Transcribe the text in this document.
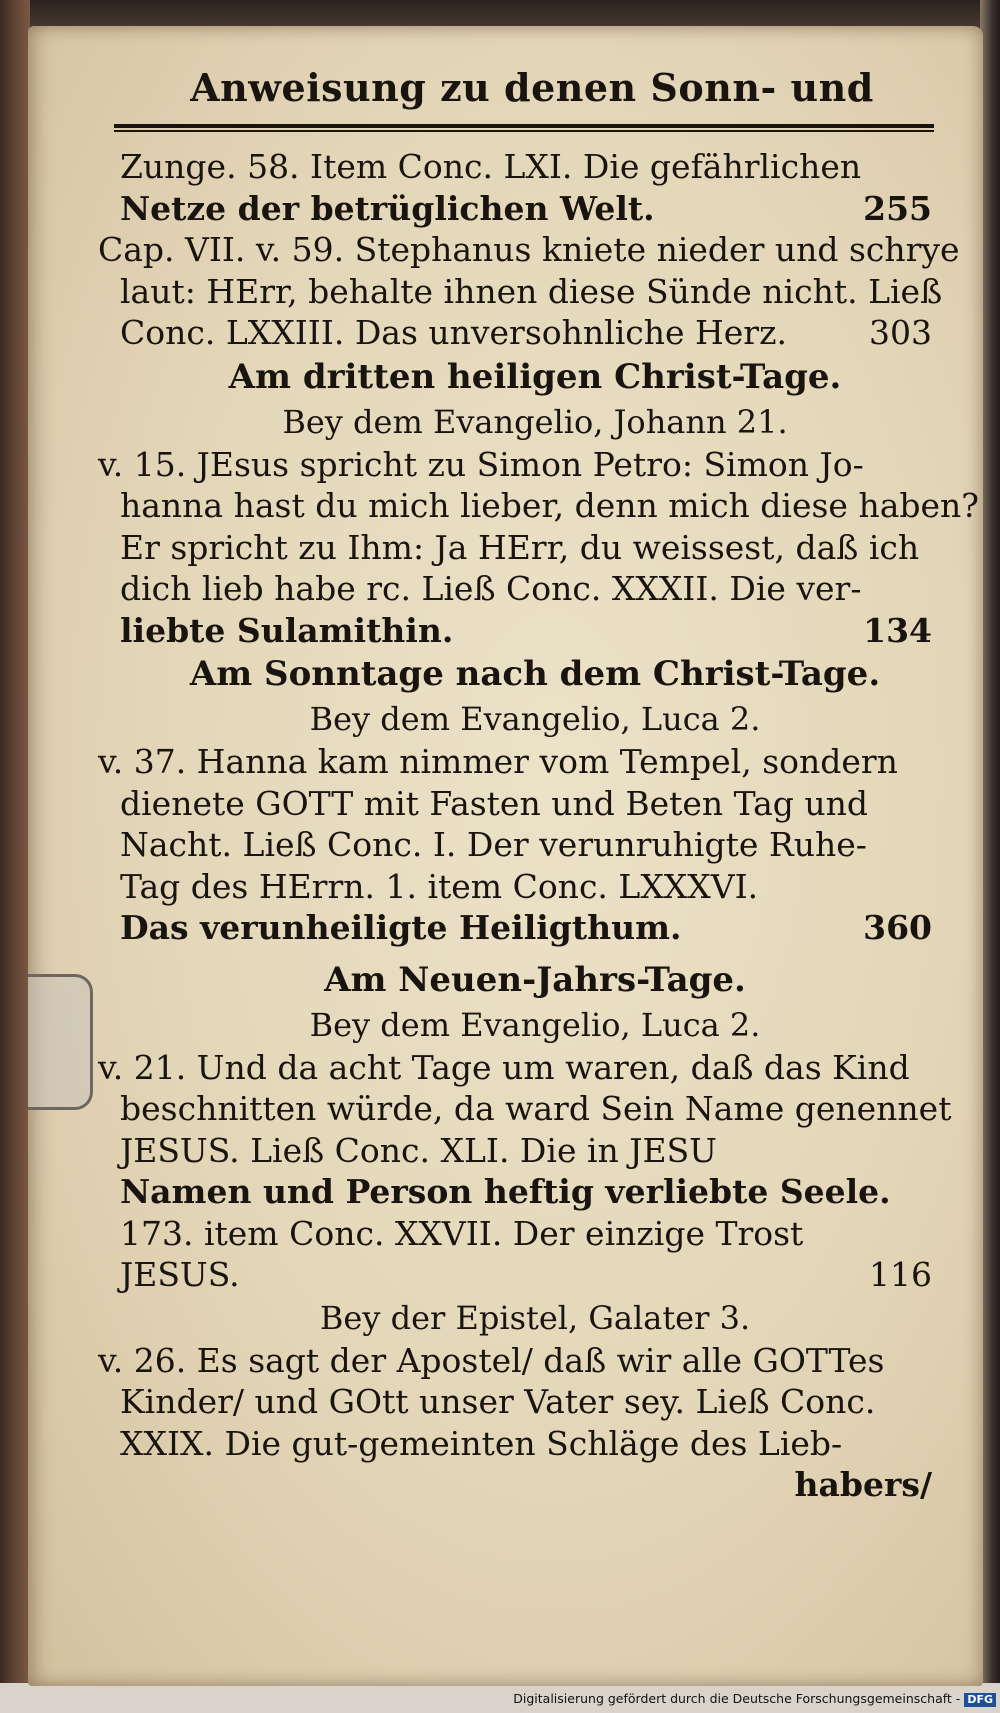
Anweisung zu denen Sonn- und
Zunge. 58. Item Conc. LXI. Die gefährlichen
Netze der betrüglichen Welt.	255
Cap. VII. v. 59. Stephanus kniete nieder und schrye
laut: HErr, behalte ihnen diese Sünde nicht. Ließ
Conc. LXXIII. Das unversohnliche Herz. 303
Am dritten heiligen Christ-Tage.
Bey dem Evangelio, Johann 21.
v. 15. JEsus spricht zu Simon Petro: Simon Jo-
hanna hast du mich lieber, denn mich diese haben?
Er spricht zu Ihm: Ja HErr, du weissest, daß ich
dich lieb habe rc. Ließ Conc. XXXII. Die ver-
liebte Sulamithin.	134
Am Sonntage nach dem Christ-Tage.
Bey dem Evangelio, Luca 2.
v. 37. Hanna kam nimmer vom Tempel, sondern
dienete GOTT mit Fasten und Beten Tag und
Nacht. Ließ Conc. I. Der verunruhigte Ruhe-
Tag des HErrn. 1. item Conc. LXXXVI.
Das verunheiligte Heiligthum.	360
Am Neuen-Jahrs-Tage.
Bey dem Evangelio, Luca 2.
v. 21. Und da acht Tage um waren, daß das Kind
beschnitten würde, da ward Sein Name genennet
JESUS. Ließ Conc. XLI. Die in JESU
Namen und Person heftig verliebte Seele.
173. item Conc. XXVII. Der einzige Trost
JESUS.	116
Bey der Epistel, Galater 3.
v. 26. Es sagt der Apostel/ daß wir alle GOTTes
Kinder/ und GOtt unser Vater sey. Ließ Conc.
XXIX. Die gut-gemeinten Schläge des Lieb-
habers/
Digitalisierung gefördert durch die Deutsche Forschungsgemeinschaft - DFG
